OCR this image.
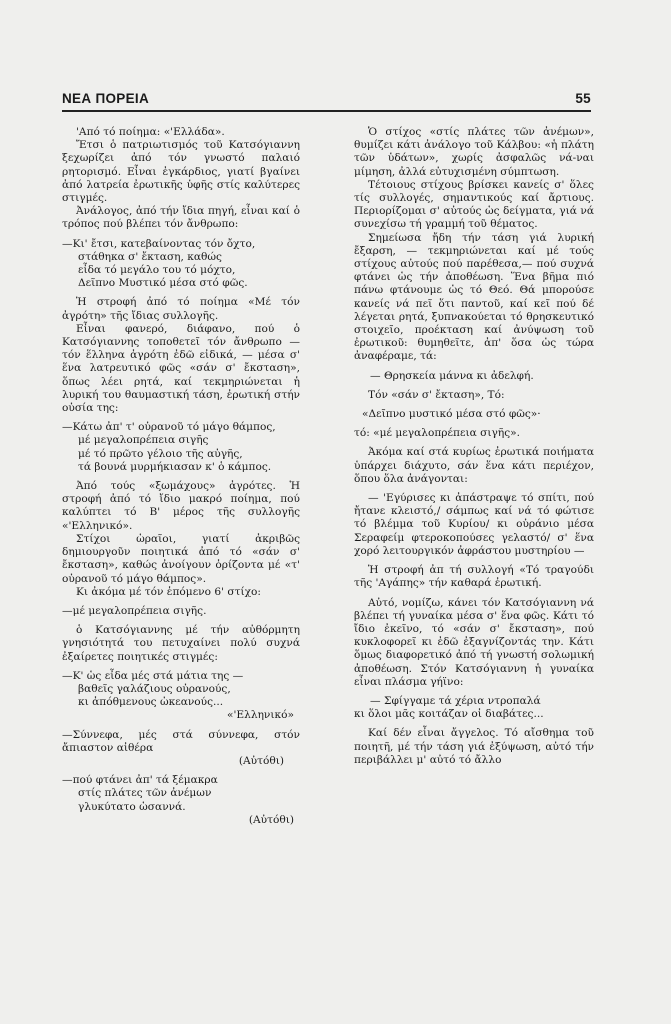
ΝΕΑ ΠΟΡΕΙΑ	55

'Από τό ποίημα: «'Ελλάδα».

Ἔτσι ὁ πατριωτισμός τοῦ Κατσόγιαννη ξεχωρίζει ἀπό τόν γνωστό παλαιό ρητορισμό. Εἶναι ἐγκάρδιος, γιατί βγαίνει ἀπό λατρεία ἐρωτικῆς ὑφῆς στίς καλύτερες στιγμές.

Ἀνάλογος, ἀπό τήν ἴδια πηγή, εἶναι καί ὁ τρόπος πού βλέπει τόν ἄνθρωπο:

—Κι' ἔτσι, κατεβαίνοντας τόν ὄχτο,

στάθηκα σ' ἔκταση, καθώς

εἶδα τό μεγάλο του τό μόχτο,

Δεῖπνο Μυστικό μέσα στό φῶς.

Ἡ στροφή ἀπό τό ποίημα «Μέ τόν ἀγρότη» τῆς ἴδιας συλλογῆς.

Εἶναι φανερό, διάφανο, πού ὁ Κατσόγιαννης τοποθετεῖ τόν ἄνθρωπο — τόν ἕλληνα ἀγρότη ἐδῶ εἰδικά, — μέσα σ' ἕνα λατρευτικό φῶς «σάν σ' ἔκσταση», ὅπως λέει ρητά, καί τεκμηριώνεται ἡ λυρική του θαυμαστική τάση, ἐρωτική στήν οὐσία της:

—Κάτω ἀπ' τ' οὐρανοῦ τό μάγο θάμπος,

μέ μεγαλοπρέπεια σιγῆς

μέ τό πρῶτο γέλοιο τῆς αὐγῆς,

τά βουνά μυρμήκιασαν κ' ὁ κάμπος.

Ἀπό τούς «ξωμάχους» ἀγρότες. Ἡ στροφή ἀπό τό ἴδιο μακρό ποίημα, πού καλύπτει τό Β' μέρος τῆς συλλογῆς «'Ελληνικό».

Στίχοι ὡραῖοι, γιατί ἀκριβῶς δημιουργοῦν ποιητικά ἀπό τό «σάν σ' ἔκσταση», καθώς ἀνοίγουν ὁρίζοντα μέ «τ' οὐρανοῦ τό μάγο θάμπος».

Κι ἀκόμα μέ τόν ἑπόμενο 6' στίχο:

—μέ μεγαλοπρέπεια σιγῆς.

ὁ Κατσόγιαννης μέ τήν αὐθόρμητη γνησιότητά του πετυχαίνει πολύ συχνά ἐξαίρετες ποιητικές στιγμές:

—Κ' ὡς εἶδα μές στά μάτια της —

βαθεῖς γαλάζιους οὐρανούς,

κι ἀπόθμενους ὠκεανούς...

«'Ελληνικό»

—Σύννεφα, μές στά σύννεφα, στόν ἄπιαστον αἰθέρα

(Αὐτόθι)

—πού φτάνει ἀπ' τά ξέμακρα

στίς πλάτες τῶν ἀνέμων

γλυκύτατο ὡσαννά.

(Αὐτόθι)

Ὁ στίχος «στίς πλάτες τῶν ἀνέμων», θυμίζει κάτι ἀνάλογο τοῦ Κάλβου: «ἡ πλάτη τῶν ὑδάτων», χωρίς ἀσφαλῶς νά-ναι μίμηση, ἀλλά εὐτυχισμένη σύμπτωση.

Τέτοιους στίχους βρίσκει κανείς σ' ὅλες τίς συλλογές, σημαντικούς καί ἄρτιους. Περιορίζομαι σ' αὐτούς ὡς δείγματα, γιά νά συνεχίσω τή γραμμή τοῦ θέματος.

Σημείωσα ἤδη τήν τάση γιά λυρική ἔξαρση, — τεκμηριώνεται καί μέ τούς στίχους αὐτούς πού παρέθεσα,— πού συχνά φτάνει ὡς τήν ἀποθέωση. Ἕνα βῆμα πιό πάνω φτάνουμε ὡς τό Θεό. Θά μπορούσε κανείς νά πεῖ ὅτι παντοῦ, καί κεῖ πού δέ λέγεται ρητά, ξυπνακούεται τό θρησκευτικό στοιχεῖο, προέκταση καί ἀνύψωση τοῦ ἐρωτικοῦ: θυμηθεῖτε, ἀπ' ὅσα ὡς τώρα ἀναφέραμε, τά:

— Θρησκεία μάννα κι ἀδελφή.

Τόν «σάν σ' ἔκταση», Τό:

«Δεῖπνο μυστικό μέσα στό φῶς»·

τό: «μέ μεγαλοπρέπεια σιγῆς».

Ἀκόμα καί στά κυρίως ἐρωτικά ποιήματα ὑπάρχει διάχυτο, σάν ἕνα κάτι περιέχον, ὅπου ὅλα ἀνάγονται:

— 'Εγύρισες κι ἀπάστραψε τό σπίτι, πού ἤτανε κλειστό,/ σάμπως καί νά τό φώτισε τό βλέμμα τοῦ Κυρίου/ κι οὐράνιο μέσα Σεραφείμ φτεροκοπούσες γελαστό/ σ' ἕνα χορό λειτουργικόν ἀφράστου μυστηρίου —

Ἡ στροφή ἀπ τή συλλογή «Τό τραγούδι τῆς 'Αγάπης» τήν καθαρά ἐρωτική.

Αὐτό, νομίζω, κάνει τόν Κατσόγιαννη νά βλέπει τή γυναίκα μέσα σ' ἕνα φῶς. Κάτι τό ἴδιο ἐκεῖνο, τό «σάν σ' ἔκσταση», πού κυκλοφορεῖ κι ἐδῶ ἐξαγνίζοντάς την. Κάτι ὅμως διαφορετικό ἀπό τή γνωστή σολωμική ἀποθέωση. Στόν Κατσόγιαννη ἡ γυναίκα εἶναι πλάσμα γήϊνο:

— Σφίγγαμε τά χέρια ντροπαλά

κι ὅλοι μᾶς κοιτάζαν οἱ διαβάτες...

Καί δέν εἶναι ἄγγελος. Τό αἴσθημα τοῦ ποιητῆ, μέ τήν τάση γιά ἐξύψωση, αὐτό τήν περιβάλλει μ' αὐτό τό ἄλλο
